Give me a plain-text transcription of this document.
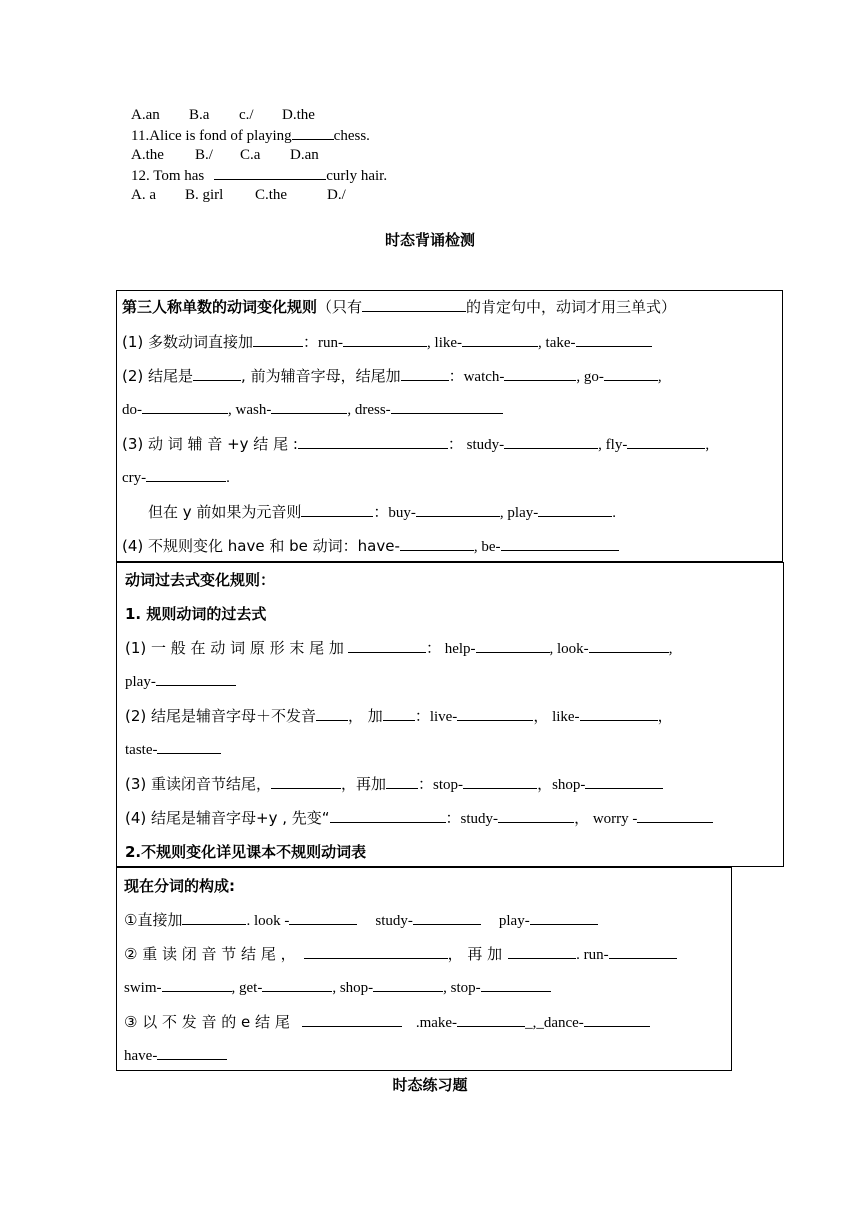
A.an B.a c./ D.the
11.Alice is fond of playing	chess.
A.the B./ C.a D.an
12. Tom has	curly hair.
A. a B. girl C.the	D./
时态背诵检测
第三人称单数的动词变化规则（只有	的肯定句中，动词才用三单式）
(1) 多数动词直接加	：run-	, like-	, take-
(2) 结尾是	, 前为辅音字母，结尾加	：watch-	, go-	,
do-	, wash-	, dress-
(3) 动 词 辅 音 +y 结 尾 :	： study-	, fly-	,
cry-	.
但在 y 前如果为元音则	：buy-	, play-	.
(4) 不规则变化 have 和 be 动词：have-	, be-
动词过去式变化规则：
1. 规则动词的过去式
(1) 一 般 在 动 词 原 形 末 尾 加	： help-	, look-	,
play-
(2) 结尾是辅音字母＋不发音 ， 加 ：live-	， like-	，
taste-
(3) 重读闭音节结尾，	，再加 ：stop-	，shop-
(4) 结尾是辅音字母+y , 先变“	：study-	， worry -
2.不规则变化详见课本不规则动词表
现在分词的构成:
①直接加	. look -	study-	play-
② 重 读 闭 音 节 结 尾 ，	， 再 加	. run-
swim-	, get-	, shop-	, stop-
③ 以 不 发 音 的 e 结 尾	.make-	_,_dance-
have-
时态练习题
